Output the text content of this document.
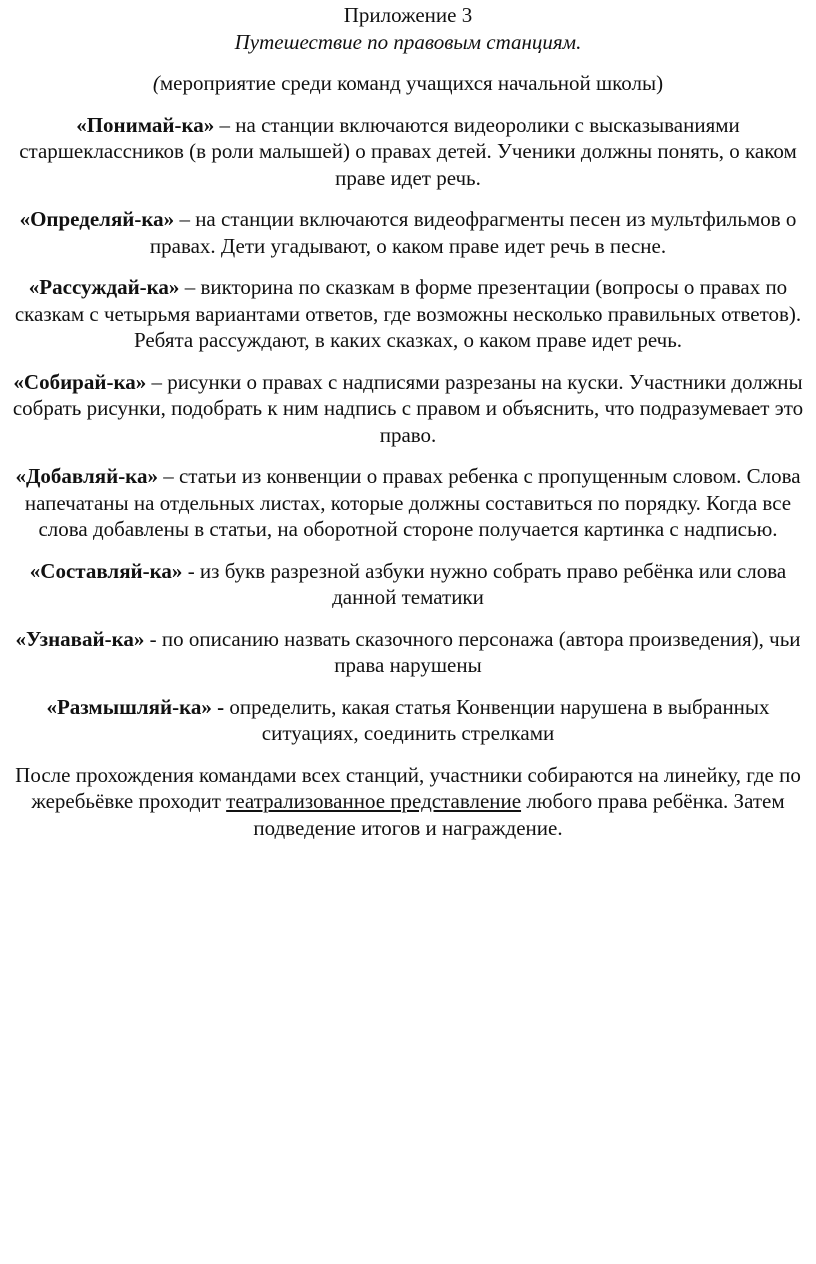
Приложение 3

Путешествие по правовым станциям.

(мероприятие среди команд учащихся начальной школы)

«Понимай-ка» – на станции включаются видеоролики с высказываниями старшеклассников (в роли малышей) о правах детей. Ученики должны понять, о каком праве идет речь.

«Определяй-ка» – на станции включаются видеофрагменты песен из мультфильмов о правах. Дети угадывают, о каком праве идет речь в песне.

«Рассуждай-ка» – викторина по сказкам в форме презентации (вопросы о правах по сказкам с четырьмя вариантами ответов, где возможны несколько правильных ответов). Ребята рассуждают, в каких сказках, о каком праве идет речь.

«Собирай-ка» – рисунки о правах с надписями разрезаны на куски. Участники должны собрать рисунки, подобрать к ним надпись с правом и объяснить, что подразумевает это право.

«Добавляй-ка» – статьи из конвенции о правах ребенка с пропущенным словом. Слова напечатаны на отдельных листах, которые должны составиться по порядку. Когда все слова добавлены в статьи, на оборотной стороне получается картинка с надписью.

«Составляй-ка» - из букв разрезной азбуки нужно собрать право ребёнка или слова данной тематики

«Узнавай-ка» - по описанию назвать сказочного персонажа (автора произведения), чьи права нарушены

«Размышляй-ка» - определить, какая статья Конвенции нарушена в выбранных ситуациях, соединить стрелками

После прохождения командами всех станций, участники собираются на линейку, где по жеребьёвке проходит театрализованное представление любого права ребёнка. Затем подведение итогов и награждение.
